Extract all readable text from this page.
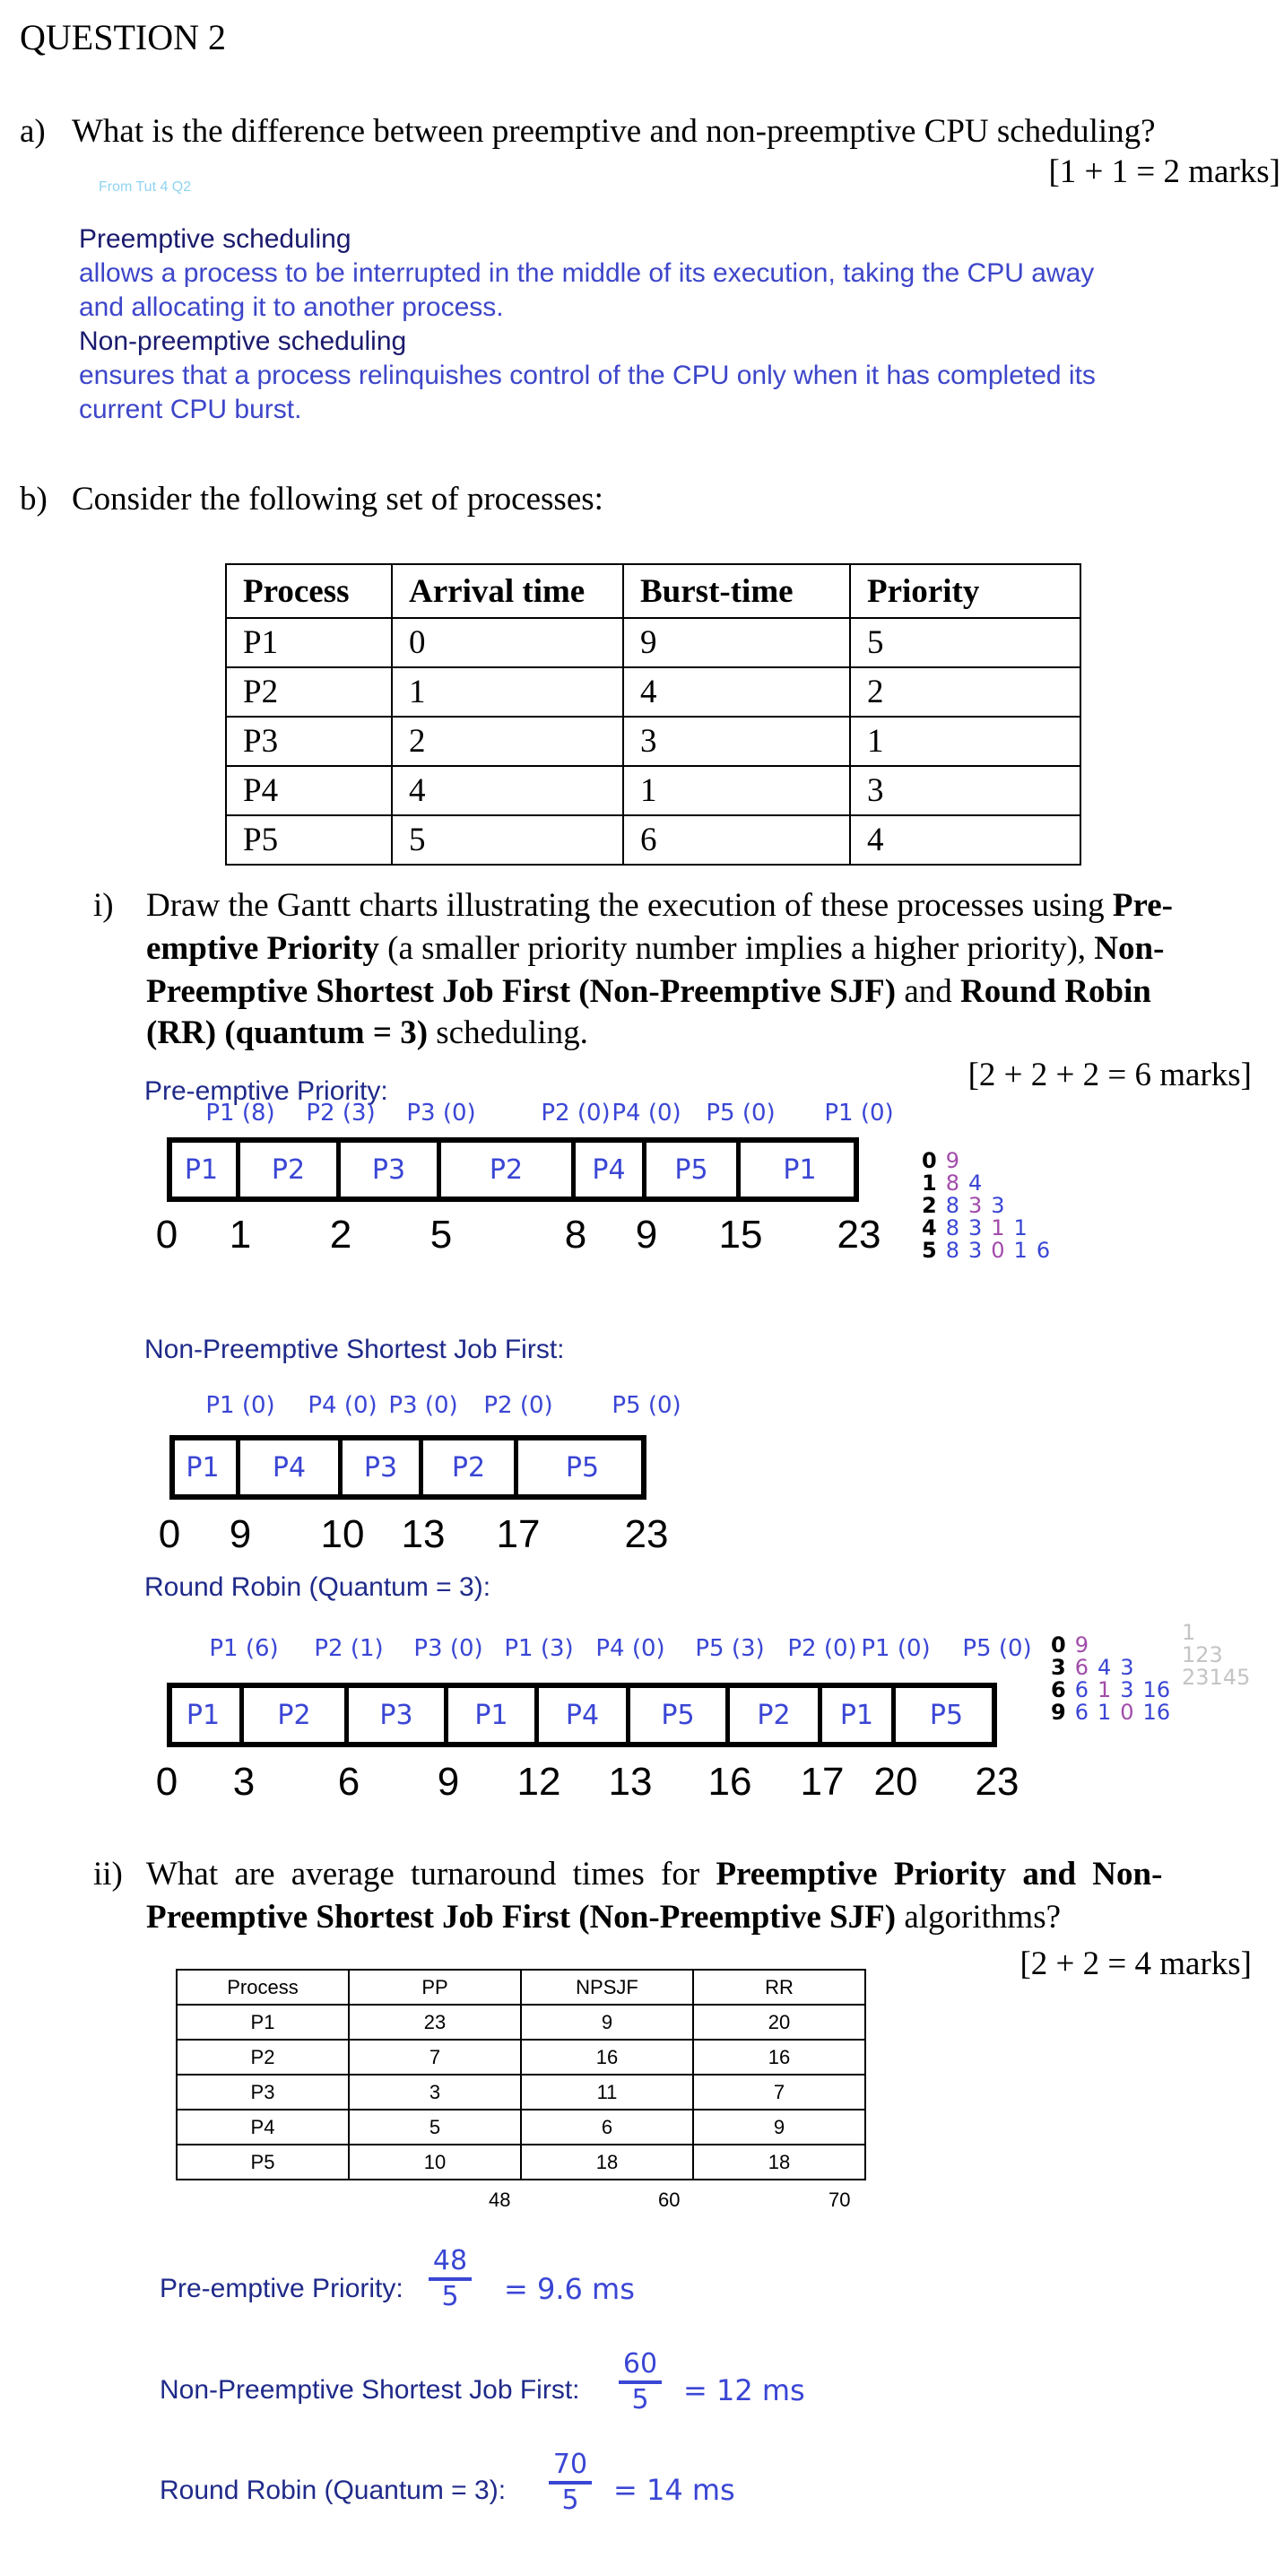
QUESTION 2
a) What is the difference between preemptive and non-preemptive CPU scheduling?
[1 + 1 = 2 marks]
From Tut 4 Q2
Preemptive scheduling
allows a process to be interrupted in the middle of its execution, taking the CPU away
and allocating it to another process.
Non-preemptive scheduling
ensures that a process relinquishes control of the CPU only when it has completed its
current CPU burst.
b) Consider the following set of processes:
Process	Arrival time	Burst-time	Priority
P1	0	9	5
P2	1	4	2
P3	2	3	1
P4	4	1	3
P5	5	6	4
i) Draw the Gantt charts illustrating the execution of these processes using Pre-
emptive Priority (a smaller priority number implies a higher priority), Non-
Preemptive Shortest Job First (Non-Preemptive SJF) and Round Robin
(RR) (quantum = 3) scheduling.
[2 + 2 + 2 = 6 marks]
Pre-emptive Priority:
P1	P2	P3	P2	P4	P5	P1
P1 (8) P2 (3) P3 (0)	P2 (0) P4 (0) P5 (0) P1 (0)
0 1 2 5	8 9 15 23
0 9
1 8 4
2 8 3 3
4 8 3 1 1
5 8 3 0 1 6
Non-Preemptive Shortest Job First:
P1	P4	P3	P2	P5
P1 (0) P4 (0) P3 (0) P2 (0)	P5 (0)
0 9 10 13 17 23
Round Robin (Quantum = 3):
P1	P2	P3	P1	P4	P5	P2	P1	P5
P1 (6) P2 (1) P3 (0) P1 (3) P4 (0) P5 (3) P2 (0) P1 (0) P5 (0)
0 3 6 9 12 13 16 17 20 23
0 9
3 6 4 3
6 6 1 3 16
9 6 1 0 16
1
123
23145
ii) What are average turnaround times for Preemptive Priority and Non-
Preemptive Shortest Job First (Non-Preemptive SJF) algorithms?
[2 + 2 = 4 marks]
Process	PP	NPSJF	RR
P1	23	9	20
P2	7	16	16
P3	3	11	7
P4	5	6	9
P5	10	18	18
48	60	70
Pre-emptive Priority:
48
5 = 9.6 ms
Non-Preemptive Shortest Job First:
60
5 = 12 ms
Round Robin (Quantum = 3):
70
5 = 14 ms
